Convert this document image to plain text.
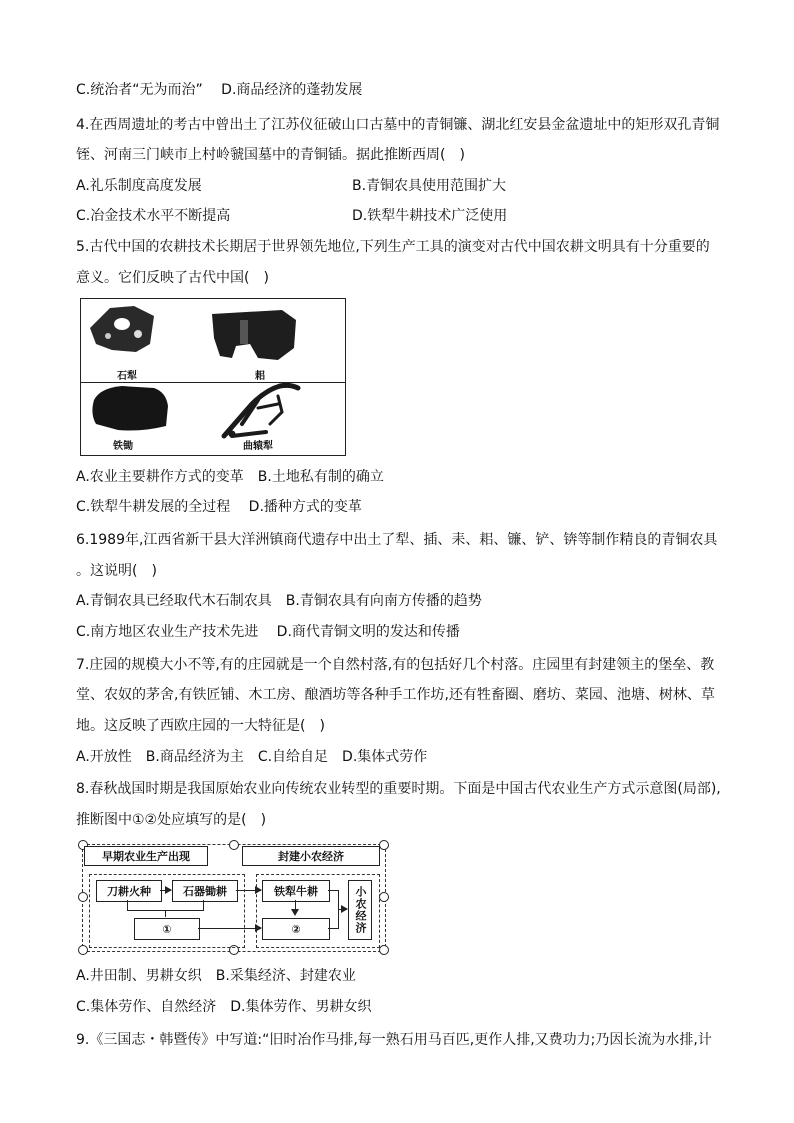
C.统治者“无为而治”　 D.商品经济的蓬勃发展
4.在西周遗址的考古中曾出土了江苏仪征破山口古墓中的青铜镰、湖北红安县金盆遗址中的矩形双孔青铜
铚、河南三门峡市上村岭虢国墓中的青铜锸。据此推断西周(　)
A.礼乐制度高度发展	B.青铜农具使用范围扩大
C.冶金技术水平不断提高	D.铁犁牛耕技术广泛使用
5.古代中国的农耕技术长期居于世界领先地位,下列生产工具的演变对古代中国农耕文明具有十分重要的
意义。它们反映了古代中国(　)
石犁	耜
铁锄	曲辕犁
A.农业主要耕作方式的变革　B.土地私有制的确立
C.铁犁牛耕发展的全过程　 D.播种方式的变革
6.1989年,江西省新干县大洋洲镇商代遗存中出土了犁、插、耒、耜、镰、铲、锛等制作精良的青铜农具
。这说明(　)
A.青铜农具已经取代木石制农具　B.青铜农具有向南方传播的趋势
C.南方地区农业生产技术先进　 D.商代青铜文明的发达和传播
7.庄园的规模大小不等,有的庄园就是一个自然村落,有的包括好几个村落。庄园里有封建领主的堡垒、教
堂、农奴的茅舍,有铁匠铺、木工房、酿酒坊等各种手工作坊,还有牲畜圈、磨坊、菜园、池塘、树林、草
地。这反映了西欧庄园的一大特征是(　)
A.开放性　B.商品经济为主　C.自给自足　D.集体式劳作
8.春秋战国时期是我国原始农业向传统农业转型的重要时期。下面是中国古代农业生产方式示意图(局部),
推断图中①②处应填写的是(　)
早期农业生产出现	封建小农经济
刀耕火种	石器锄耕
①
铁犁牛耕
②	小农经济
A.井田制、男耕女织　B.采集经济、封建农业
C.集体劳作、自然经济　D.集体劳作、男耕女织
9.《三国志・韩暨传》中写道:“旧时冶作马排,每一熟石用马百匹,更作人排,又费功力;乃因长流为水排,计
